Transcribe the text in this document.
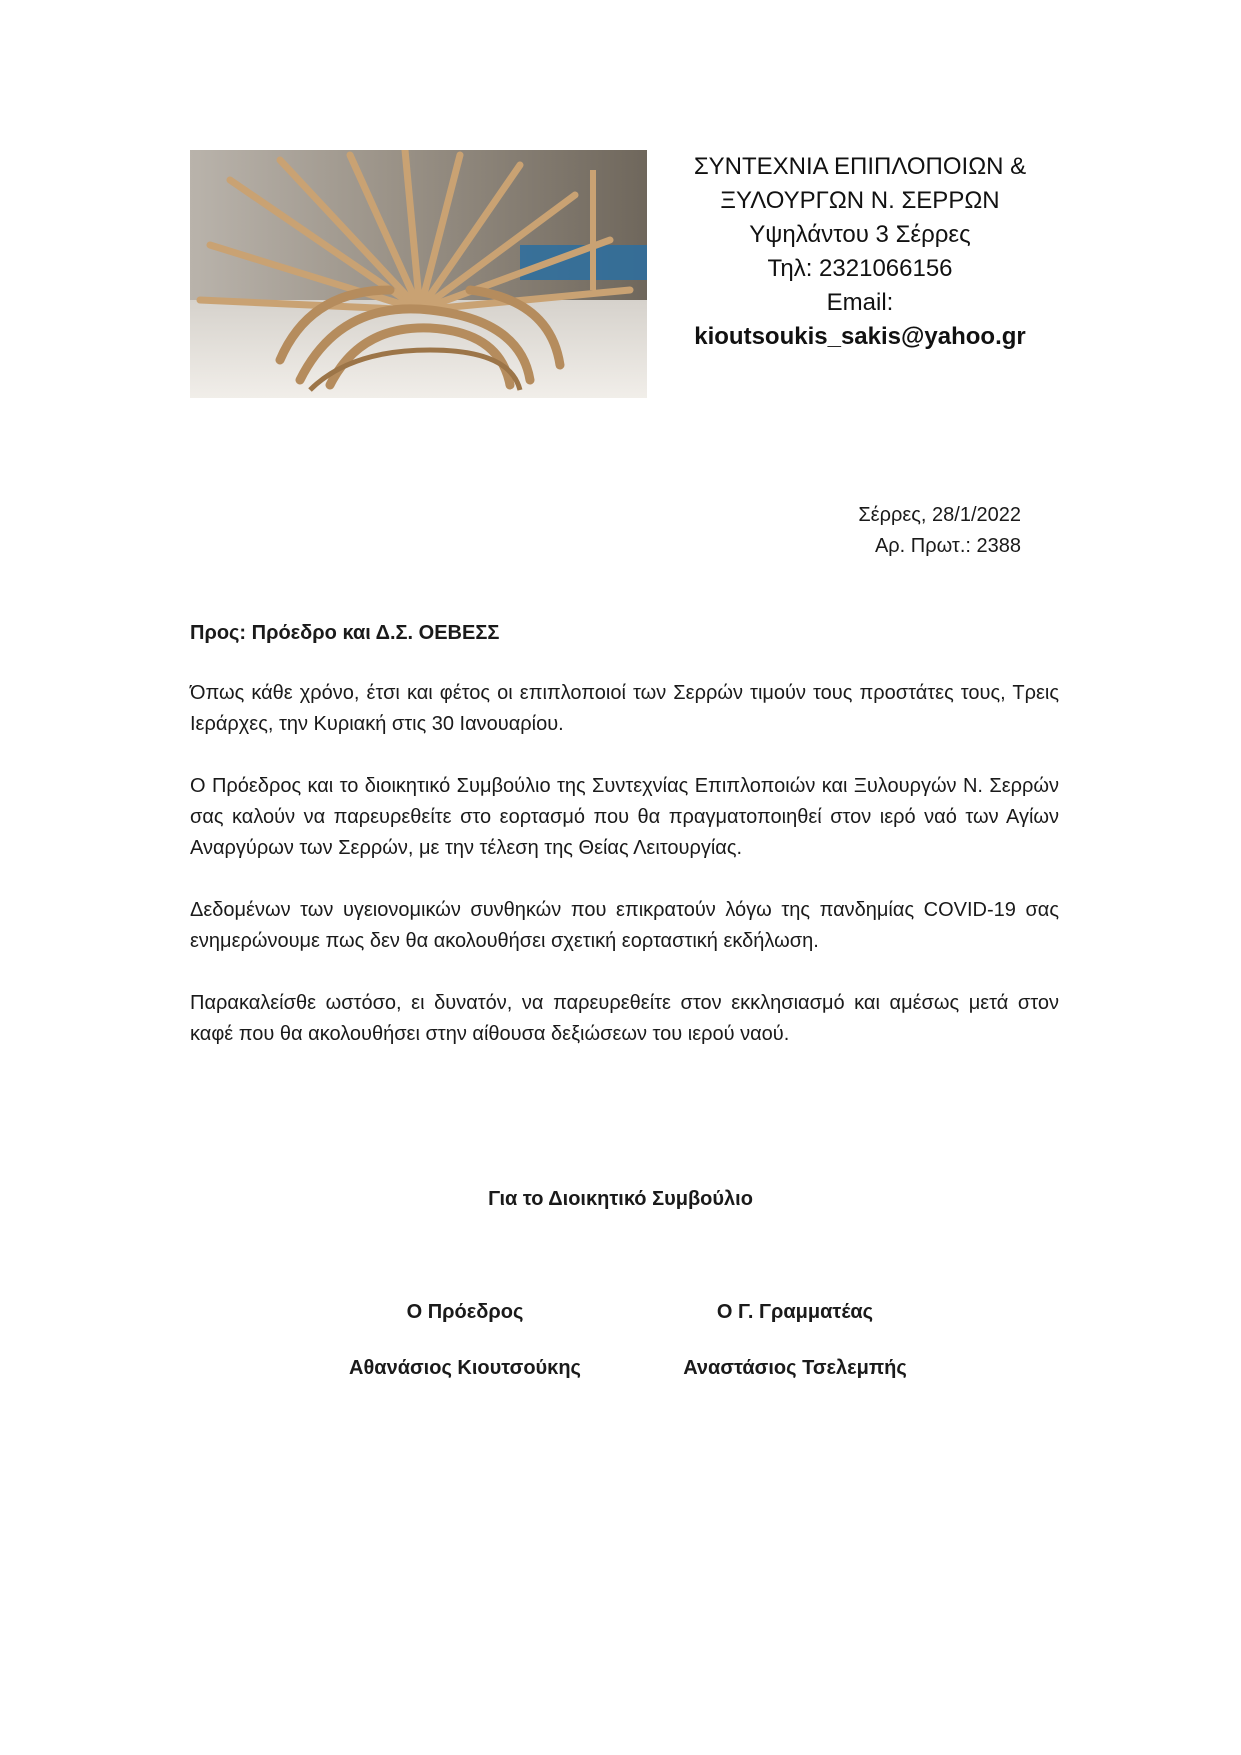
ΣΥΝΤΕΧΝΙΑ ΕΠΙΠΛΟΠΟΙΩΝ &
ΞΥΛΟΥΡΓΩΝ Ν. ΣΕΡΡΩΝ
Υψηλάντου 3 Σέρρες
Τηλ: 2321066156
Email:
kioutsoukis_sakis@yahoo.gr
Σέρρες, 28/1/2022
Αρ. Πρωτ.: 2388
Προς: Πρόεδρο και Δ.Σ. ΟΕΒΕΣΣ

Όπως κάθε χρόνο, έτσι και φέτος οι επιπλοποιοί των Σερρών τιμούν τους προστάτες τους, Τρεις Ιεράρχες, την Κυριακή στις 30 Ιανουαρίου.

Ο Πρόεδρος και το διοικητικό Συμβούλιο της Συντεχνίας Επιπλοποιών και Ξυλουργών Ν. Σερρών σας καλούν να παρευρεθείτε στο εορτασμό που θα πραγματοποιηθεί στον ιερό ναό των Αγίων Αναργύρων των Σερρών, με την τέλεση της Θείας Λειτουργίας.

Δεδομένων των υγειονομικών συνθηκών που επικρατούν λόγω της πανδημίας COVID-19 σας ενημερώνουμε πως δεν θα ακολουθήσει σχετική εορταστική εκδήλωση.

Παρακαλείσθε ωστόσο, ει δυνατόν, να παρευρεθείτε στον εκκλησιασμό και αμέσως μετά στον καφέ που θα ακολουθήσει στην αίθουσα δεξιώσεων του ιερού ναού.

Για το Διοικητικό Συμβούλιο
Ο Πρόεδρος
Αθανάσιος Κιουτσούκης
Ο Γ. Γραμματέας
Αναστάσιος Τσελεμπής
